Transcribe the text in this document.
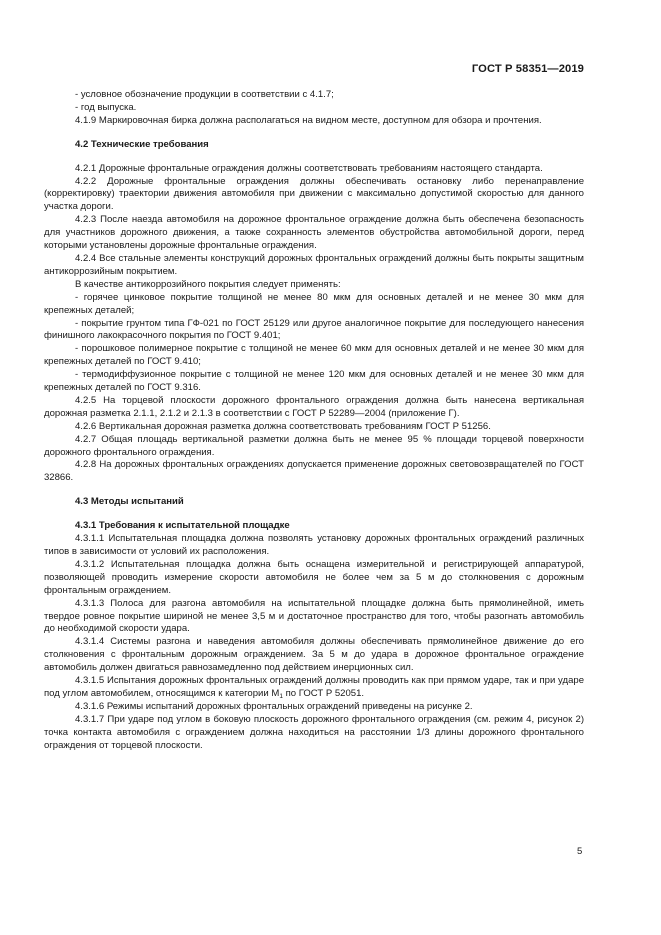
ГОСТ Р 58351—2019

- условное обозначение продукции в соответствии с 4.1.7;

- год выпуска.

4.1.9 Маркировочная бирка должна располагаться на видном месте, доступном для обзора и прочтения.

4.2 Технические требования

4.2.1 Дорожные фронтальные ограждения должны соответствовать требованиям настоящего стандарта.

4.2.2 Дорожные фронтальные ограждения должны обеспечивать остановку либо перенаправление (корректировку) траектории движения автомобиля при движении с максимально допустимой скоростью для данного участка дороги.

4.2.3 После наезда автомобиля на дорожное фронтальное ограждение должна быть обеспечена безопасность для участников дорожного движения, а также сохранность элементов обустройства автомобильной дороги, перед которыми установлены дорожные фронтальные ограждения.

4.2.4 Все стальные элементы конструкций дорожных фронтальных ограждений должны быть покрыты защитным антикоррозийным покрытием.

В качестве антикоррозийного покрытия следует применять:

- горячее цинковое покрытие толщиной не менее 80 мкм для основных деталей и не менее 30 мкм для крепежных деталей;

- покрытие грунтом типа ГФ-021 по ГОСТ 25129 или другое аналогичное покрытие для последующего нанесения финишного лакокрасочного покрытия по ГОСТ 9.401;

- порошковое полимерное покрытие с толщиной не менее 60 мкм для основных деталей и не менее 30 мкм для крепежных деталей по ГОСТ 9.410;

- термодиффузионное покрытие с толщиной не менее 120 мкм для основных деталей и не менее 30 мкм для крепежных деталей по ГОСТ 9.316.

4.2.5 На торцевой плоскости дорожного фронтального ограждения должна быть нанесена вертикальная дорожная разметка 2.1.1, 2.1.2 и 2.1.3 в соответствии с ГОСТ Р 52289—2004 (приложение Г).

4.2.6 Вертикальная дорожная разметка должна соответствовать требованиям ГОСТ Р 51256.

4.2.7 Общая площадь вертикальной разметки должна быть не менее 95 % площади торцевой поверхности дорожного фронтального ограждения.

4.2.8 На дорожных фронтальных ограждениях допускается применение дорожных световозвращателей по ГОСТ 32866.

4.3 Методы испытаний

4.3.1 Требования к испытательной площадке

4.3.1.1 Испытательная площадка должна позволять установку дорожных фронтальных ограждений различных типов в зависимости от условий их расположения.

4.3.1.2 Испытательная площадка должна быть оснащена измерительной и регистрирующей аппаратурой, позволяющей проводить измерение скорости автомобиля не более чем за 5 м до столкновения с дорожным фронтальным ограждением.

4.3.1.3 Полоса для разгона автомобиля на испытательной площадке должна быть прямолинейной, иметь твердое ровное покрытие шириной не менее 3,5 м и достаточное пространство для того, чтобы разогнать автомобиль до необходимой скорости удара.

4.3.1.4 Системы разгона и наведения автомобиля должны обеспечивать прямолинейное движение до его столкновения с фронтальным дорожным ограждением. За 5 м до удара в дорожное фронтальное ограждение автомобиль должен двигаться равнозамедленно под действием инерционных сил.

4.3.1.5 Испытания дорожных фронтальных ограждений должны проводить как при прямом ударе, так и при ударе под углом автомобилем, относящимся к категории $М_1$ по ГОСТ Р 52051.

4.3.1.6 Режимы испытаний дорожных фронтальных ограждений приведены на рисунке 2.

4.3.1.7 При ударе под углом в боковую плоскость дорожного фронтального ограждения (см. режим 4, рисунок 2) точка контакта автомобиля с ограждением должна находиться на расстоянии 1/3 длины дорожного фронтального ограждения от торцевой плоскости.

5
